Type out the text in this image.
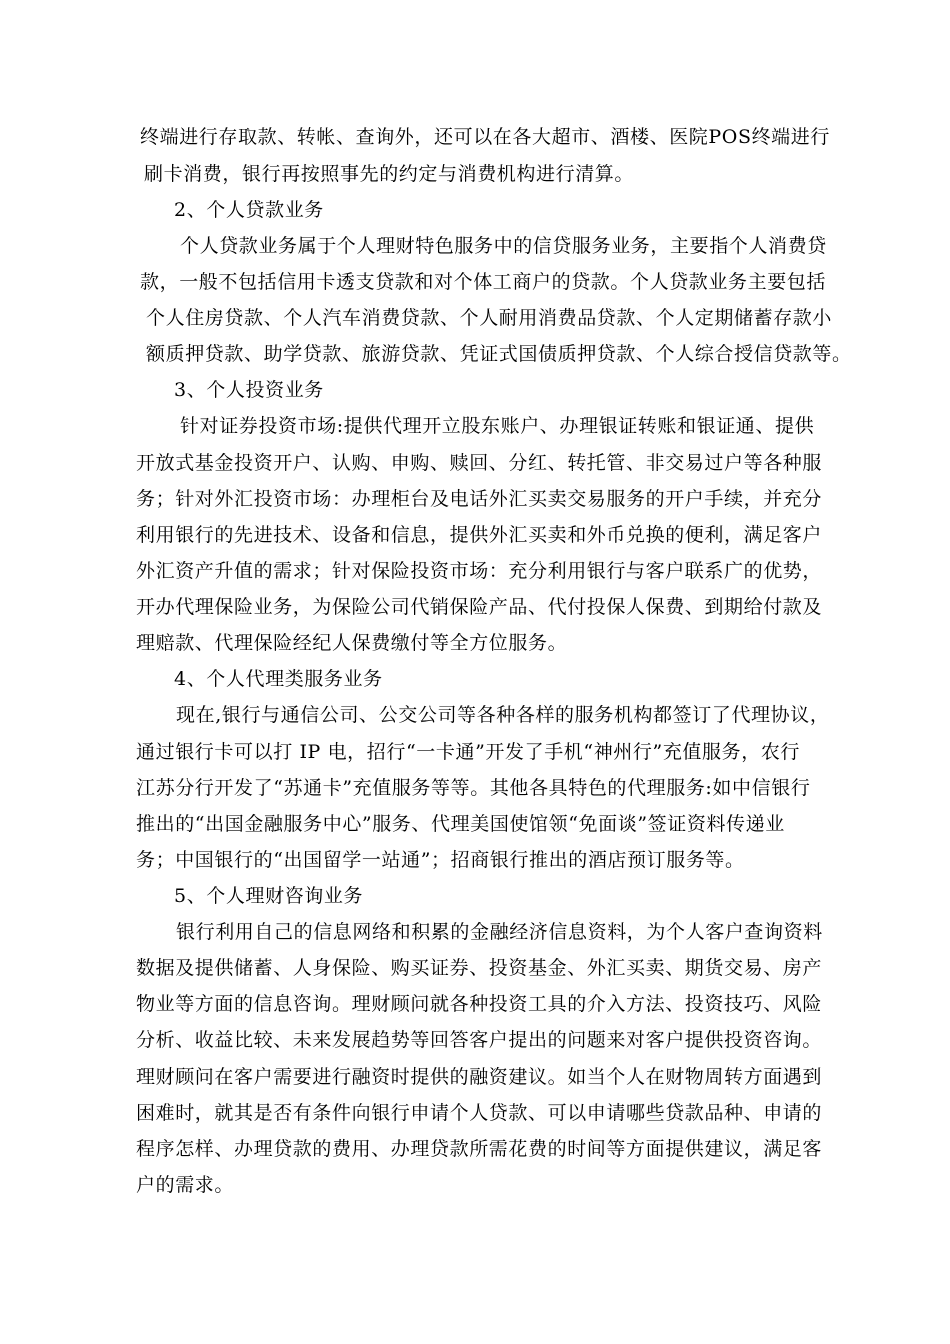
终端进行存取款、转帐、查询外，还可以在各大超市、酒楼、医院POS终端进行
刷卡消费，银行再按照事先的约定与消费机构进行清算。
2、个人贷款业务
个人贷款业务属于个人理财特色服务中的信贷服务业务，主要指个人消费贷
款，一般不包括信用卡透支贷款和对个体工商户的贷款。个人贷款业务主要包括
个人住房贷款、个人汽车消费贷款、个人耐用消费品贷款、个人定期储蓄存款小
额质押贷款、助学贷款、旅游贷款、凭证式国债质押贷款、个人综合授信贷款等。
3、个人投资业务
针对证券投资市场:提供代理开立股东账户、办理银证转账和银证通、提供
开放式基金投资开户、认购、申购、赎回、分红、转托管、非交易过户等各种服
务；针对外汇投资市场：办理柜台及电话外汇买卖交易服务的开户手续，并充分
利用银行的先进技术、设备和信息，提供外汇买卖和外币兑换的便利，满足客户
外汇资产升值的需求；针对保险投资市场：充分利用银行与客户联系广的优势，
开办代理保险业务，为保险公司代销保险产品、代付投保人保费、到期给付款及
理赔款、代理保险经纪人保费缴付等全方位服务。
4、个人代理类服务业务
现在,银行与通信公司、公交公司等各种各样的服务机构都签订了代理协议，
通过银行卡可以打 IP 电，招行“一卡通”开发了手机“神州行”充值服务，农行
江苏分行开发了“苏通卡”充值服务等等。其他各具特色的代理服务:如中信银行
推出的“出国金融服务中心”服务、代理美国使馆领“免面谈”签证资料传递业
务；中国银行的“出国留学一站通”；招商银行推出的酒店预订服务等。
5、个人理财咨询业务
银行利用自己的信息网络和积累的金融经济信息资料，为个人客户查询资料
数据及提供储蓄、人身保险、购买证券、投资基金、外汇买卖、期货交易、房产
物业等方面的信息咨询。理财顾问就各种投资工具的介入方法、投资技巧、风险
分析、收益比较、未来发展趋势等回答客户提出的问题来对客户提供投资咨询。
理财顾问在客户需要进行融资时提供的融资建议。如当个人在财物周转方面遇到
困难时，就其是否有条件向银行申请个人贷款、可以申请哪些贷款品种、申请的
程序怎样、办理贷款的费用、办理贷款所需花费的时间等方面提供建议，满足客
户的需求。
